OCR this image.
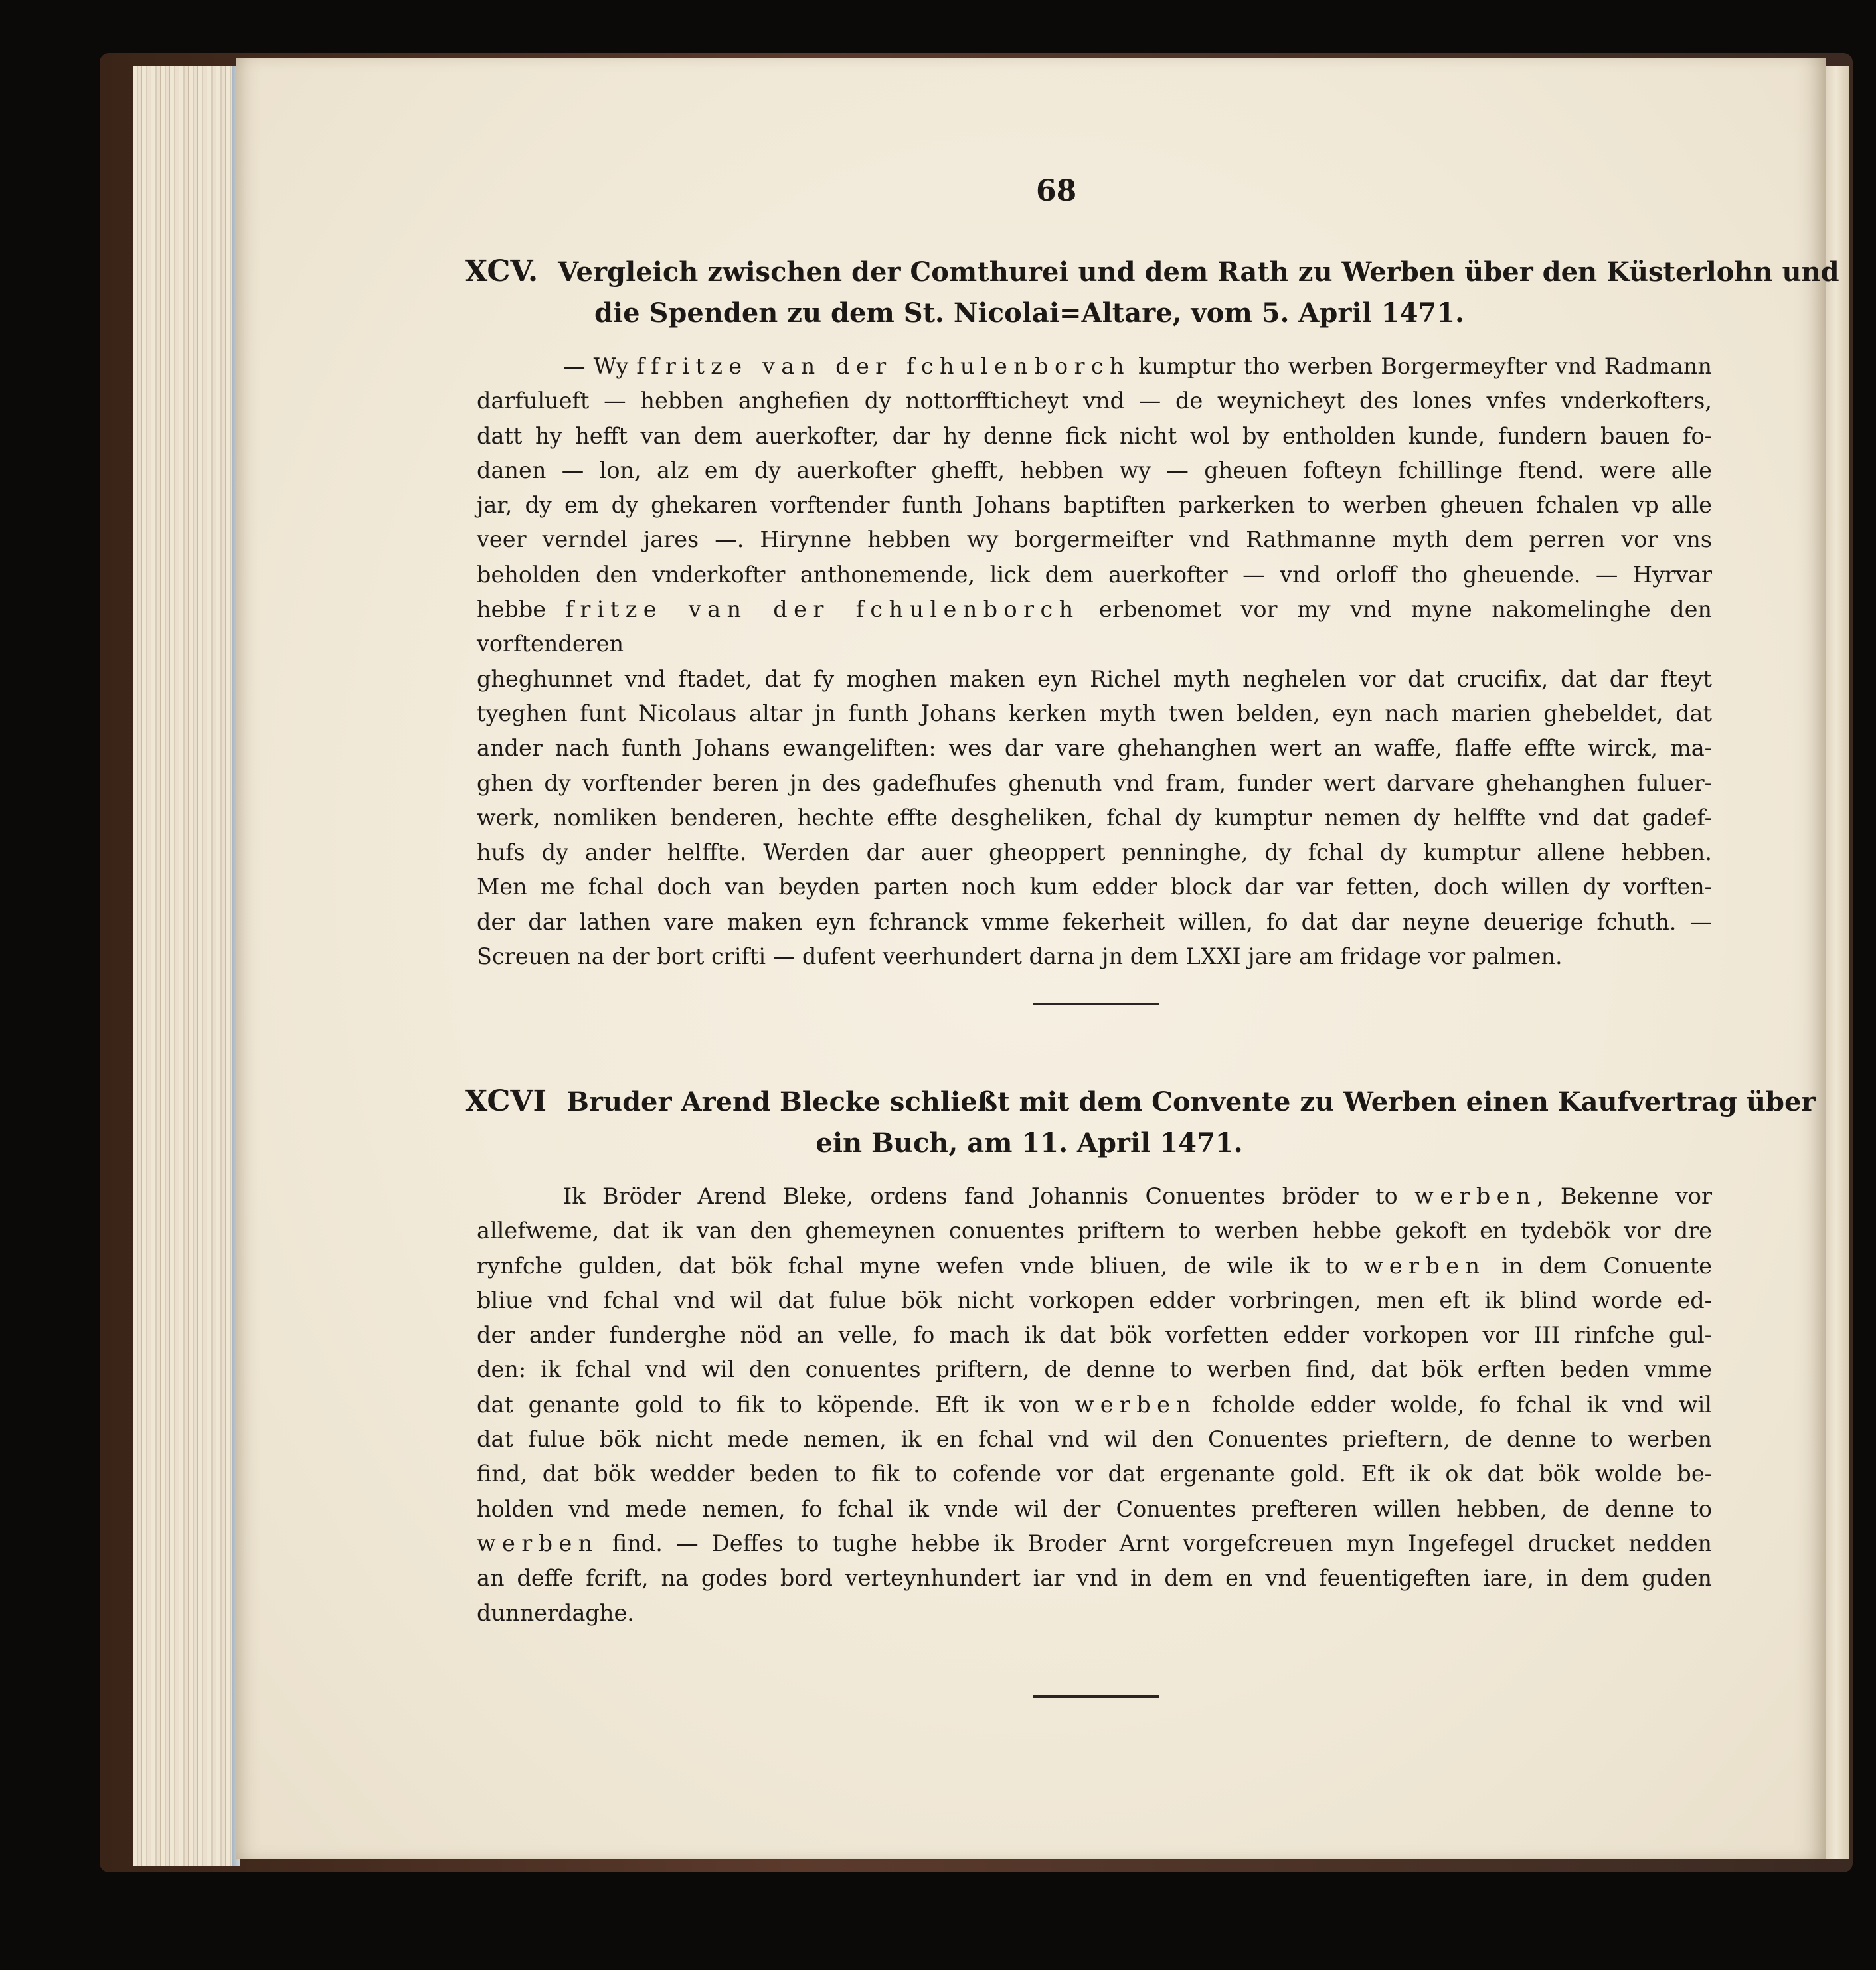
68
XCV. Vergleich zwischen der Comthurei und dem Rath zu Werben über den Küsterlohn und
die Spenden zu dem St. Nicolai=Altare, vom 5. April 1471.

— Wy ffritze van der fchulenborch kumptur tho werben Borgermeyfter vnd Radmann

darfulueft — hebben anghefien dy nottorfftichеyt vnd — de weynicheyt des lones vnfes vnderkofters,

datt hy hefft van dem auerkofter, dar hy denne fick nicht wol by entholden kunde, fundern bauen fo-

danen — lon, alz em dy auerkofter ghefft, hebben wy — gheuen fofteyn fchillinge ftend. were alle

jar, dy em dy ghekaren vorftender funth Johans baptiften parkerken to werben gheuen fchalen vp alle

veer verndel jares —. Hirynne hebben wy borgermeifter vnd Rathmanne myth dem perren vor vns

beholden den vnderkofter anthonemende, lick dem auerkofter — vnd orloff tho gheuende. — Hyrvar

hebbe fritze van der fchulenborch erbenomet vor my vnd myne nakomelinghe den vorftenderen

gheghunnet vnd ftadet, dat fy moghen maken eyn Richel myth neghelen vor dat crucifix, dat dar fteyt

tyeghen funt Nicolaus altar jn funth Johans kerken myth twen belden, eyn nach marien ghebeldet, dat

ander nach funth Johans ewangeliften: wes dar vare ghehanghen wert an waffe, flaffe effte wirck, ma-

ghen dy vorftender beren jn des gadefhufes ghenuth vnd fram, funder wert darvare ghehanghen fuluer-

werk, nomliken benderen, hechte effte desgheliken, fchal dy kumptur nemen dy helffte vnd dat gadef-

hufs dy ander helffte. Werden dar auer gheoppert penninghe, dy fchal dy kumptur allene hebben.

Men me fchal doch van beyden parten noch kum edder block dar var fetten, doch willen dy vorften-

der dar lathen vare maken eyn fchranck vmme fekerheit willen, fo dat dar neyne deuerige fchuth. —

Screuen na der bort crifti — dufent veerhundert darna jn dem LXXI jare am fridage vor palmen.

XCVI Bruder Arend Blecke schließt mit dem Convente zu Werben einen Kaufvertrag über
ein Buch, am 11. April 1471.

Ik Bröder Arend Bleke, ordens fand Johannis Conuentes bröder to werben, Bekenne vor

allefweme, dat ik van den ghemeynen conuentes priftern to werben hebbe gekoft en tydebök vor dre

rynfche gulden, dat bök fchal myne wefen vnde bliuen, de wile ik to werben in dem Conuente

bliue vnd fchal vnd wil dat fulue bök nicht vorkopen edder vorbringen, men eft ik blind worde ed-

der ander funderghe nöd an velle, fo mach ik dat bök vorfetten edder vorkopen vor III rinfche gul-

den: ik fchal vnd wil den conuentes priftern, de denne to werben find, dat bök erften beden vmme

dat genante gold to fik to köpende. Eft ik von werben fcholde edder wolde, fo fchal ik vnd wil

dat fulue bök nicht mede nemen, ik en fchal vnd wil den Conuentes prieftern, de denne to werben

find, dat bök wedder beden to fik to cofende vor dat ergenante gold. Eft ik ok dat bök wolde be-

holden vnd mede nemen, fo fchal ik vnde wil der Conuentes prefteren willen hebben, de denne to

werben find. — Deffes to tughe hebbe ik Broder Arnt vorgefcreuen myn Ingefegel drucket nedden

an deffe fcrift, na godes bord verteynhundert iar vnd in dem en vnd feuentigeften iare, in dem guden

dunnerdaghe.
